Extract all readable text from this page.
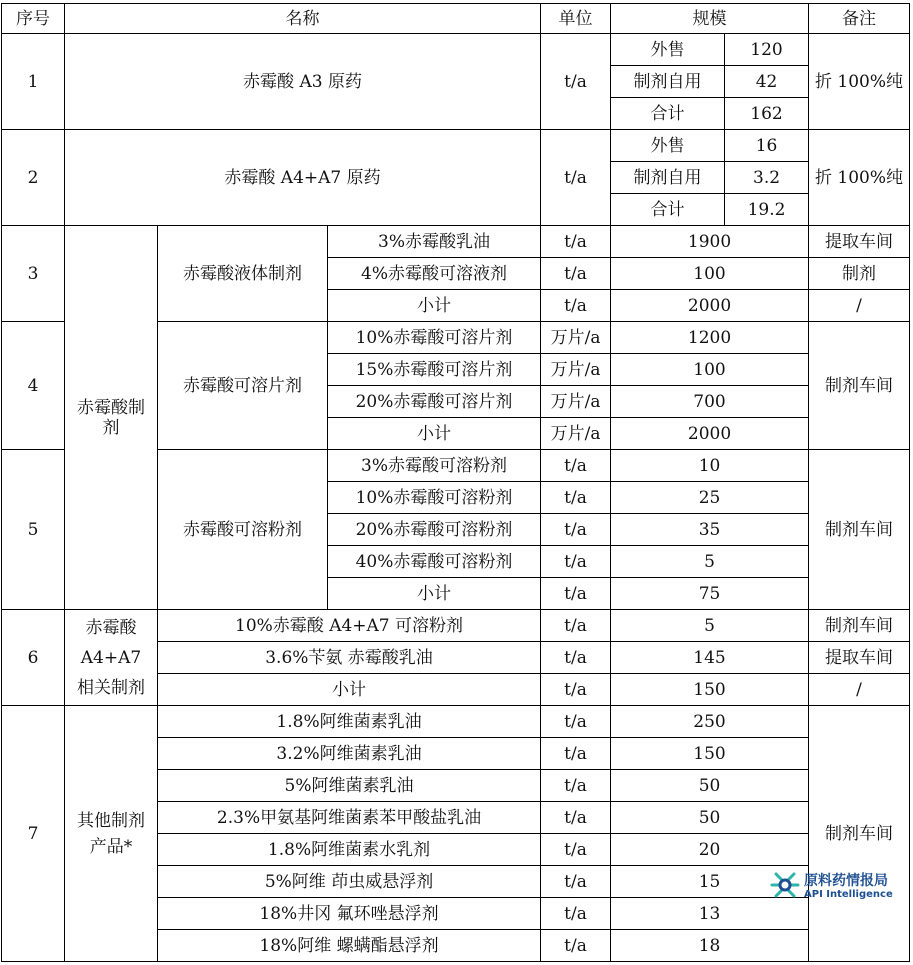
序号	名称			单位	规模		备注
1	赤霉酸 A3 原药			t/a	外售	120	折 100%纯
					制剂自用	42	
					合计	162	
2	赤霉酸 A4+A7 原药			t/a	外售	16	折 100%纯
					制剂自用	3.2	
					合计	19.2	
3	赤霉酸制剂	赤霉酸液体制剂	3%赤霉酸乳油	t/a	1900		提取车间
			4%赤霉酸可溶液剂	t/a	100		制剂
			小计	t/a	2000		/
4		赤霉酸可溶片剂	10%赤霉酸可溶片剂	万片/a	1200		制剂车间
			15%赤霉酸可溶片剂	万片/a	100		
			20%赤霉酸可溶片剂	万片/a	700		
			小计	万片/a	2000		
5		赤霉酸可溶粉剂	3%赤霉酸可溶粉剂	t/a	10		制剂车间
			10%赤霉酸可溶粉剂	t/a	25		
			20%赤霉酸可溶粉剂	t/a	35		
			40%赤霉酸可溶粉剂	t/a	5		
			小计	t/a	75		
6	赤霉酸 A4+A7 相关制剂	10%赤霉酸 A4+A7 可溶粉剂		t/a	5		制剂车间
		3.6%苄氨 赤霉酸乳油		t/a	145		提取车间
		小计		t/a	150		/
7	其他制剂产品*	1.8%阿维菌素乳油		t/a	250		制剂车间
		3.2%阿维菌素乳油		t/a	150		
		5%阿维菌素乳油		t/a	50		
		2.3%甲氨基阿维菌素苯甲酸盐乳油		t/a	50		
		1.8%阿维菌素水乳剂		t/a	20		
		5%阿维 茚虫威悬浮剂		t/a	15		
		18%井冈 氟环唑悬浮剂		t/a	13		
		18%阿维 螺螨酯悬浮剂		t/a	18		
原料药情报局
API Intelligence
